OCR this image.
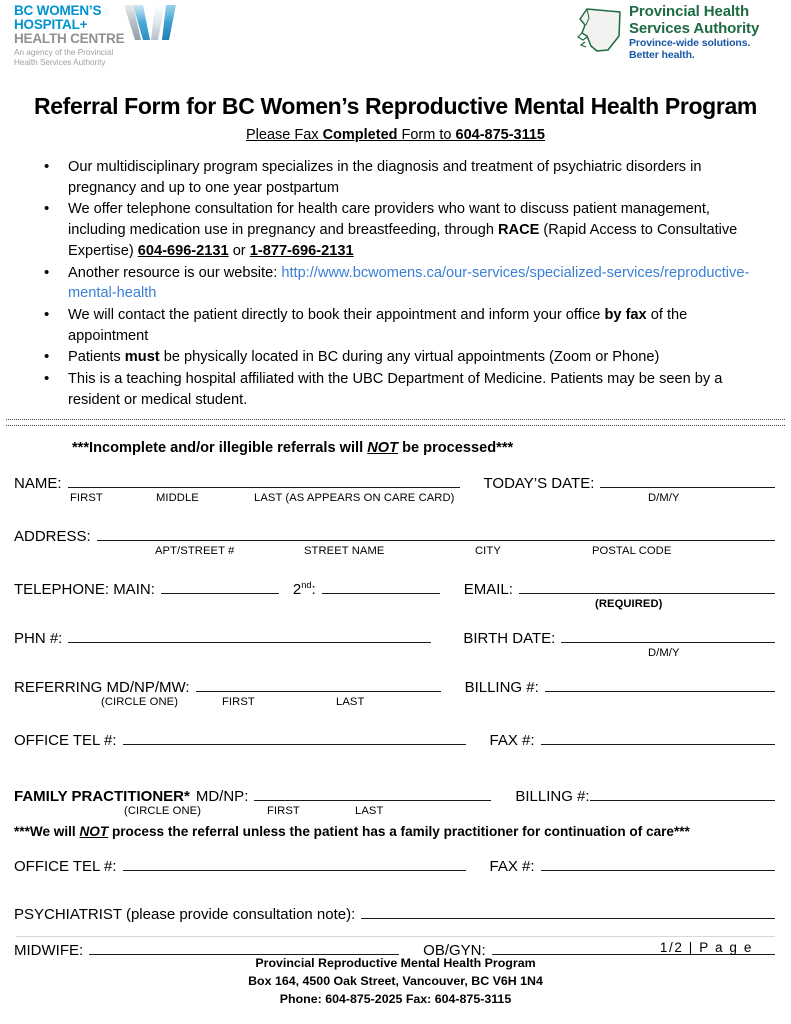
BC WOMEN’S
HOSPITAL+
HEALTH CENTRE
An agency of the Provincial
Health Services Authority
Provincial Health
Services Authority
Province-wide solutions.
Better health.
Referral Form for BC Women’s Reproductive Mental Health Program
Please Fax Completed Form to 604-875-3115
• Our multidisciplinary program specializes in the diagnosis and treatment of psychiatric disorders in pregnancy and up to one year postpartum
• We offer telephone consultation for health care providers who want to discuss patient management, including medication use in pregnancy and breastfeeding, through RACE (Rapid Access to Consultative Expertise) 604-696-2131 or 1-877-696-2131
• Another resource is our website: http://www.bcwomens.ca/our-services/specialized-services/reproductive-mental-health
• We will contact the patient directly to book their appointment and inform your office by fax of the appointment
• Patients must be physically located in BC during any virtual appointments (Zoom or Phone)
• This is a teaching hospital affiliated with the UBC Department of Medicine. Patients may be seen by a resident or medical student.
***Incomplete and/or illegible referrals will NOT be processed***
NAME:	TODAY’S DATE:
FIRST	MIDDLE	LAST (AS APPEARS ON CARE CARD)	D/M/Y
ADDRESS:
APT/STREET #	STREET NAME	CITY	POSTAL CODE
TELEPHONE: MAIN:	2nd:	EMAIL:
(REQUIRED)
PHN #:	BIRTH DATE:
D/M/Y
REFERRING MD/NP/MW:	BILLING #:
(CIRCLE ONE)	FIRST	LAST
OFFICE TEL #:	FAX #:
FAMILY PRACTITIONER* MD/NP:	BILLING #:
(CIRCLE ONE)	FIRST	LAST
***We will NOT process the referral unless the patient has a family practitioner for continuation of care***
OFFICE TEL #:	FAX #:
PSYCHIATRIST (please provide consultation note):
MIDWIFE:	OB/GYN:	1/2 | P a g e
Provincial Reproductive Mental Health Program
Box 164, 4500 Oak Street, Vancouver, BC V6H 1N4
Phone: 604-875-2025 Fax: 604-875-3115
